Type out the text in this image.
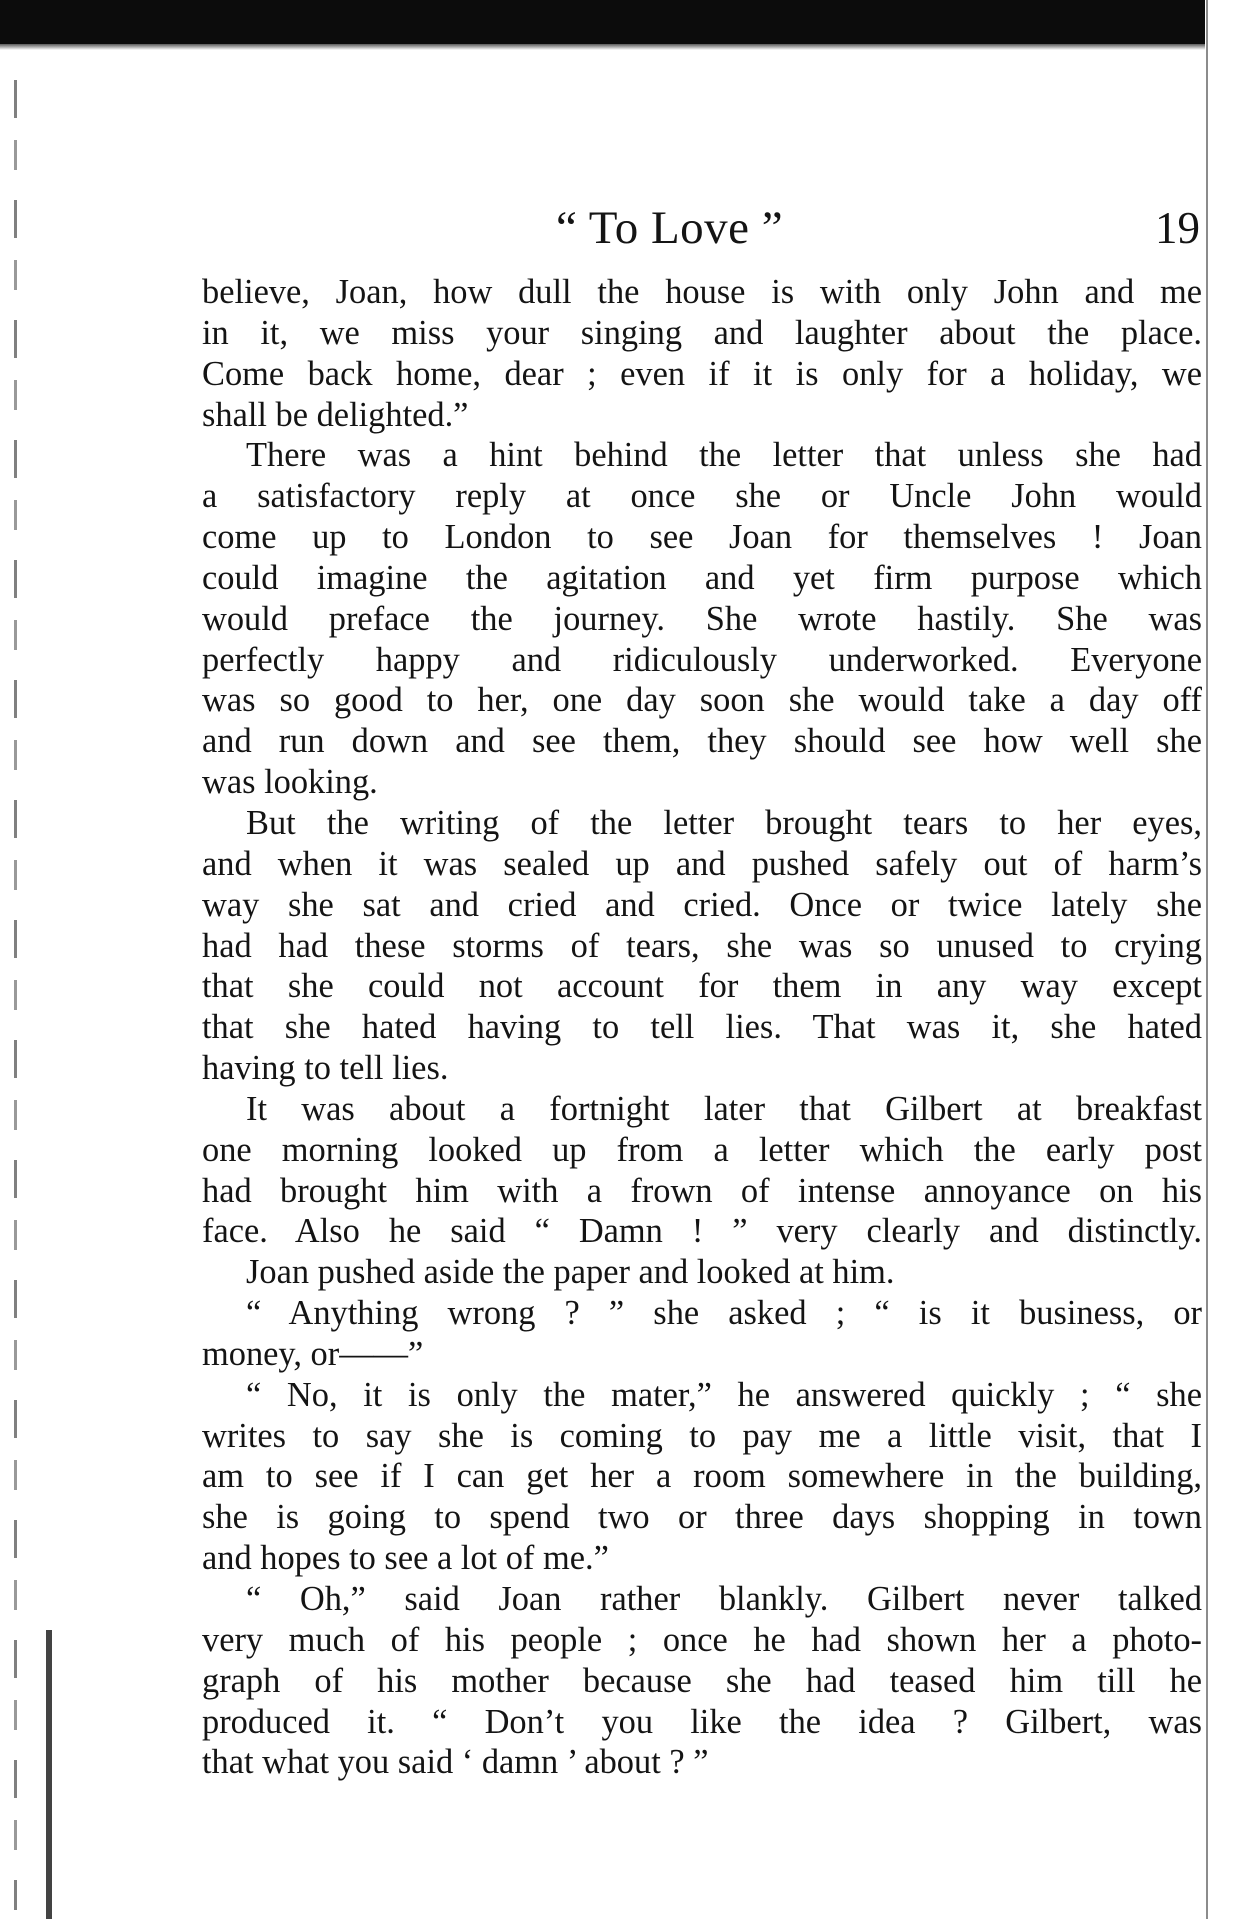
“ To Love ”	19

believe, Joan, how dull the house is with only John and me

in it, we miss your singing and laughter about the place.

Come back home, dear ; even if it is only for a holiday, we

shall be delighted.”

There was a hint behind the letter that unless she had

a satisfactory reply at once she or Uncle John would

come up to London to see Joan for themselves ! Joan

could imagine the agitation and yet firm purpose which

would preface the journey. She wrote hastily. She was

perfectly happy and ridiculously underworked. Everyone

was so good to her, one day soon she would take a day off

and run down and see them, they should see how well she

was looking.

But the writing of the letter brought tears to her eyes,

and when it was sealed up and pushed safely out of harm’s

way she sat and cried and cried. Once or twice lately she

had had these storms of tears, she was so unused to crying

that she could not account for them in any way except

that she hated having to tell lies. That was it, she hated

having to tell lies.

It was about a fortnight later that Gilbert at breakfast

one morning looked up from a letter which the early post

had brought him with a frown of intense annoyance on his

face. Also he said “ Damn ! ” very clearly and distinctly.

Joan pushed aside the paper and looked at him.

“ Anything wrong ? ” she asked ; “ is it business, or

money, or——”

“ No, it is only the mater,” he answered quickly ; “ she

writes to say she is coming to pay me a little visit, that I

am to see if I can get her a room somewhere in the building,

she is going to spend two or three days shopping in town

and hopes to see a lot of me.”

“ Oh,” said Joan rather blankly. Gilbert never talked

very much of his people ; once he had shown her a photo-

graph of his mother because she had teased him till he

produced it. “ Don’t you like the idea ? Gilbert, was

that what you said ‘ damn ’ about ? ”
